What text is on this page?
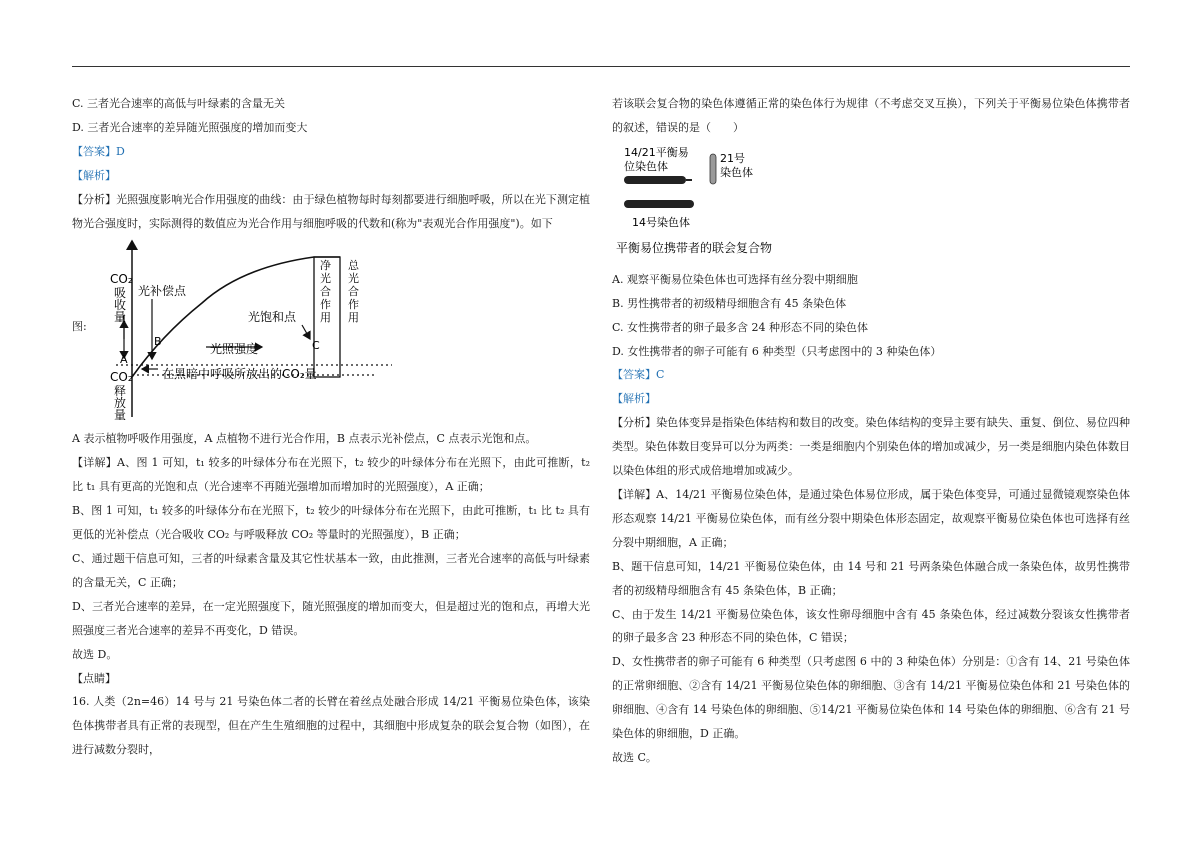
C. 三者光合速率的高低与叶绿素的含量无关

D. 三者光合速率的差异随光照强度的增加而变大

【答案】D

【解析】

【分析】光照强度影响光合作用强度的曲线：由于绿色植物每时每刻都要进行细胞呼吸，所以在光下测定植物光合强度时，实际测得的数值应为光合作用与细胞呼吸的代数和(称为"表观光合作用强度")。如下

图:
CO₂
吸
收
量
CO₂
释
放
量
光补偿点
光饱和点
光照强度
在黑暗中呼吸所放出的CO₂量
A
B	C
净
光
合
作
用
总
光
合
作
用

A 表示植物呼吸作用强度，A 点植物不进行光合作用，B 点表示光补偿点，C 点表示光饱和点。

【详解】A、图 1 可知，t₁ 较多的叶绿体分布在光照下，t₂ 较少的叶绿体分布在光照下，由此可推断，t₂ 比 t₁ 具有更高的光饱和点（光合速率不再随光强增加而增加时的光照强度），A 正确；

B、图 1 可知，t₁ 较多的叶绿体分布在光照下，t₂ 较少的叶绿体分布在光照下，由此可推断，t₁ 比 t₂ 具有更低的光补偿点（光合吸收 CO₂ 与呼吸释放 CO₂ 等量时的光照强度），B 正确；

C、通过题干信息可知，三者的叶绿素含量及其它性状基本一致，由此推测，三者光合速率的高低与叶绿素的含量无关，C 正确；

D、三者光合速率的差异，在一定光照强度下，随光照强度的增加而变大，但是超过光的饱和点，再增大光照强度三者光合速率的差异不再变化，D 错误。

故选 D。

【点睛】

16. 人类（2n=46）14 号与 21 号染色体二者的长臂在着丝点处融合形成 14/21 平衡易位染色体，该染色体携带者具有正常的表现型，但在产生生殖细胞的过程中，其细胞中形成复杂的联会复合物（如图），在进行减数分裂时，

若该联会复合物的染色体遵循正常的染色体行为规律（不考虑交叉互换），下列关于平衡易位染色体携带者的叙述，错误的是（　　）

14/21平衡易
位染色体
21号
染色体
14号染色体
平衡易位携带者的联会复合物

A. 观察平衡易位染色体也可选择有丝分裂中期细胞

B. 男性携带者的初级精母细胞含有 45 条染色体

C. 女性携带者的卵子最多含 24 种形态不同的染色体

D. 女性携带者的卵子可能有 6 种类型（只考虑图中的 3 种染色体）

【答案】C

【解析】

【分析】染色体变异是指染色体结构和数目的改变。染色体结构的变异主要有缺失、重复、倒位、易位四种类型。染色体数目变异可以分为两类：一类是细胞内个别染色体的增加或减少，另一类是细胞内染色体数目以染色体组的形式成倍地增加或减少。

【详解】A、14/21 平衡易位染色体，是通过染色体易位形成，属于染色体变异，可通过显微镜观察染色体形态观察 14/21 平衡易位染色体，而有丝分裂中期染色体形态固定，故观察平衡易位染色体也可选择有丝分裂中期细胞，A 正确；

B、题干信息可知，14/21 平衡易位染色体，由 14 号和 21 号两条染色体融合成一条染色体，故男性携带者的初级精母细胞含有 45 条染色体，B 正确；

C、由于发生 14/21 平衡易位染色体，该女性卵母细胞中含有 45 条染色体，经过减数分裂该女性携带者的卵子最多含 23 种形态不同的染色体，C 错误；

D、女性携带者的卵子可能有 6 种类型（只考虑图 6 中的 3 种染色体）分别是：①含有 14、21 号染色体的正常卵细胞、②含有 14/21 平衡易位染色体的卵细胞、③含有 14/21 平衡易位染色体和 21 号染色体的卵细胞、④含有 14 号染色体的卵细胞、⑤14/21 平衡易位染色体和 14 号染色体的卵细胞、⑥含有 21 号染色体的卵细胞，D 正确。

故选 C。
